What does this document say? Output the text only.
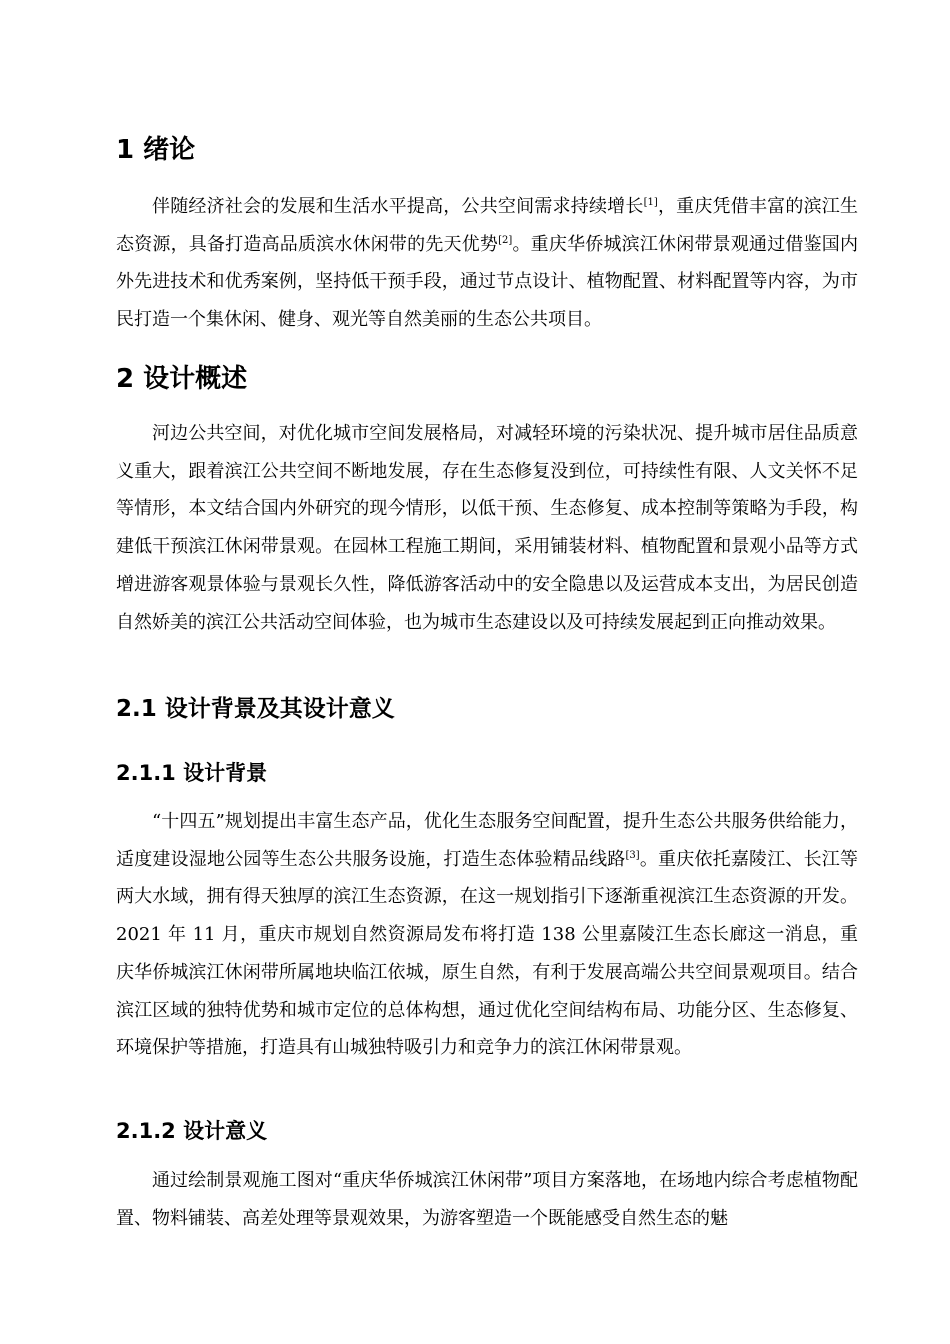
1 绪论
伴随经济社会的发展和生活水平提高，公共空间需求持续增长[1]，重庆凭借丰富的滨江生态资源，具备打造高品质滨水休闲带的先天优势[2]。重庆华侨城滨江休闲带景观通过借鉴国内外先进技术和优秀案例，坚持低干预手段，通过节点设计、植物配置、材料配置等内容，为市民打造一个集休闲、健身、观光等自然美丽的生态公共项目。
2 设计概述
河边公共空间，对优化城市空间发展格局，对减轻环境的污染状况、提升城市居住品质意义重大，跟着滨江公共空间不断地发展，存在生态修复没到位，可持续性有限、人文关怀不足等情形，本文结合国内外研究的现今情形，以低干预、生态修复、成本控制等策略为手段，构建低干预滨江休闲带景观。在园林工程施工期间，采用铺装材料、植物配置和景观小品等方式增进游客观景体验与景观长久性，降低游客活动中的安全隐患以及运营成本支出，为居民创造自然娇美的滨江公共活动空间体验，也为城市生态建设以及可持续发展起到正向推动效果。
2.1 设计背景及其设计意义
2.1.1 设计背景
“十四五”规划提出丰富生态产品，优化生态服务空间配置，提升生态公共服务供给能力，适度建设湿地公园等生态公共服务设施，打造生态体验精品线路[3]。重庆依托嘉陵江、长江等两大水域，拥有得天独厚的滨江生态资源，在这一规划指引下逐渐重视滨江生态资源的开发。2021 年 11 月，重庆市规划自然资源局发布将打造 138 公里嘉陵江生态长廊这一消息，重庆华侨城滨江休闲带所属地块临江依城，原生自然，有利于发展高端公共空间景观项目。结合滨江区域的独特优势和城市定位的总体构想，通过优化空间结构布局、功能分区、生态修复、环境保护等措施，打造具有山城独特吸引力和竞争力的滨江休闲带景观。
2.1.2 设计意义
通过绘制景观施工图对“重庆华侨城滨江休闲带”项目方案落地，在场地内综合考虑植物配置、物料铺装、高差处理等景观效果，为游客塑造一个既能感受自然生态的魅
